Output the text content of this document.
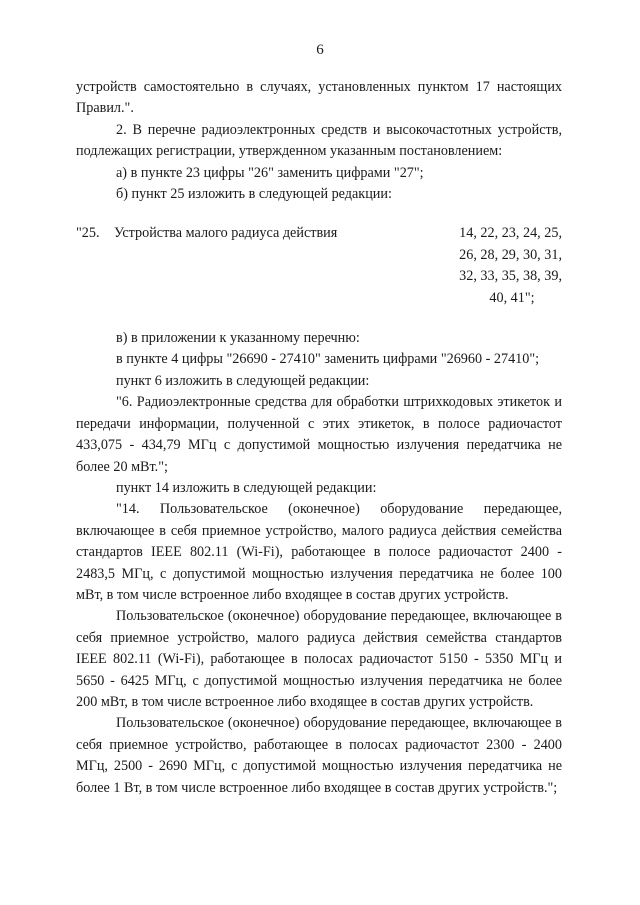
6

устройств самостоятельно в случаях, установленных пунктом 17 настоящих Правил.".

2. В перечне радиоэлектронных средств и высокочастотных устройств, подлежащих регистрации, утвержденном указанным постановлением:

а) в пункте 23 цифры "26" заменить цифрами "27";

б) пункт 25 изложить в следующей редакции:

"25.	Устройства малого радиуса действия	14, 22, 23, 24, 25,
26, 28, 29, 30, 31,
32, 33, 35, 38, 39,
40, 41";

в) в приложении к указанному перечню:

в пункте 4 цифры "26690 - 27410" заменить цифрами "26960 - 27410";

пункт 6 изложить в следующей редакции:

"6. Радиоэлектронные средства для обработки штрихкодовых этикеток и передачи информации, полученной с этих этикеток, в полосе радиочастот 433,075 - 434,79 МГц с допустимой мощностью излучения передатчика не более 20 мВт.";

пункт 14 изложить в следующей редакции:

"14. Пользовательское (оконечное) оборудование передающее, включающее в себя приемное устройство, малого радиуса действия семейства стандартов IEEE 802.11 (Wi-Fi), работающее в полосе радиочастот 2400 - 2483,5 МГц, с допустимой мощностью излучения передатчика не более 100 мВт, в том числе встроенное либо входящее в состав других устройств.

Пользовательское (оконечное) оборудование передающее, включающее в себя приемное устройство, малого радиуса действия семейства стандартов IEEE 802.11 (Wi-Fi), работающее в полосах радиочастот 5150 - 5350 МГц и 5650 - 6425 МГц, с допустимой мощностью излучения передатчика не более 200 мВт, в том числе встроенное либо входящее в состав других устройств.

Пользовательское (оконечное) оборудование передающее, включающее в себя приемное устройство, работающее в полосах радиочастот 2300 - 2400 МГц, 2500 - 2690 МГц, с допустимой мощностью излучения передатчика не более 1 Вт, в том числе встроенное либо входящее в состав других устройств.";
